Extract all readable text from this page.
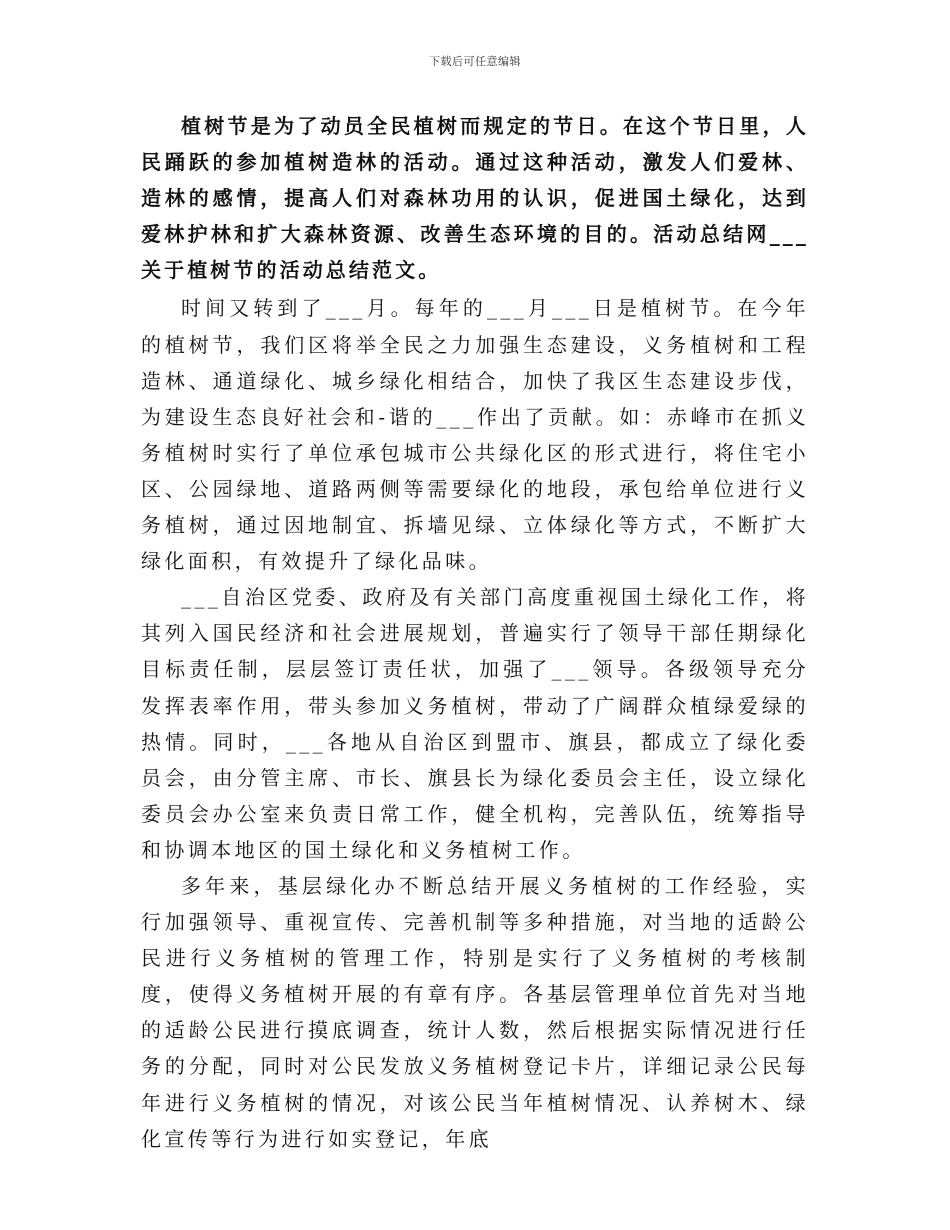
下载后可任意编辑

植树节是为了动员全民植树而规定的节日。在这个节日里，人民踊跃的参加植树造林的活动。通过这种活动，激发人们爱林、造林的感情，提高人们对森林功用的认识，促进国土绿化，达到爱林护林和扩大森林资源、改善生态环境的目的。活动总结网___关于植树节的活动总结范文。

时间又转到了___月。每年的___月___日是植树节。在今年的植树节，我们区将举全民之力加强生态建设，义务植树和工程造林、通道绿化、城乡绿化相结合，加快了我区生态建设步伐，为建设生态良好社会和-谐的___作出了贡献。如：赤峰市在抓义务植树时实行了单位承包城市公共绿化区的形式进行，将住宅小区、公园绿地、道路两侧等需要绿化的地段，承包给单位进行义务植树，通过因地制宜、拆墙见绿、立体绿化等方式，不断扩大绿化面积，有效提升了绿化品味。

___自治区党委、政府及有关部门高度重视国土绿化工作，将其列入国民经济和社会进展规划，普遍实行了领导干部任期绿化目标责任制，层层签订责任状，加强了___领导。各级领导充分发挥表率作用，带头参加义务植树，带动了广阔群众植绿爱绿的热情。同时，___各地从自治区到盟市、旗县，都成立了绿化委员会，由分管主席、市长、旗县长为绿化委员会主任，设立绿化委员会办公室来负责日常工作，健全机构，完善队伍，统筹指导和协调本地区的国土绿化和义务植树工作。

多年来，基层绿化办不断总结开展义务植树的工作经验，实行加强领导、重视宣传、完善机制等多种措施，对当地的适龄公民进行义务植树的管理工作，特别是实行了义务植树的考核制度，使得义务植树开展的有章有序。各基层管理单位首先对当地的适龄公民进行摸底调查，统计人数，然后根据实际情况进行任务的分配，同时对公民发放义务植树登记卡片，详细记录公民每年进行义务植树的情况，对该公民当年植树情况、认养树木、绿化宣传等行为进行如实登记，年底
